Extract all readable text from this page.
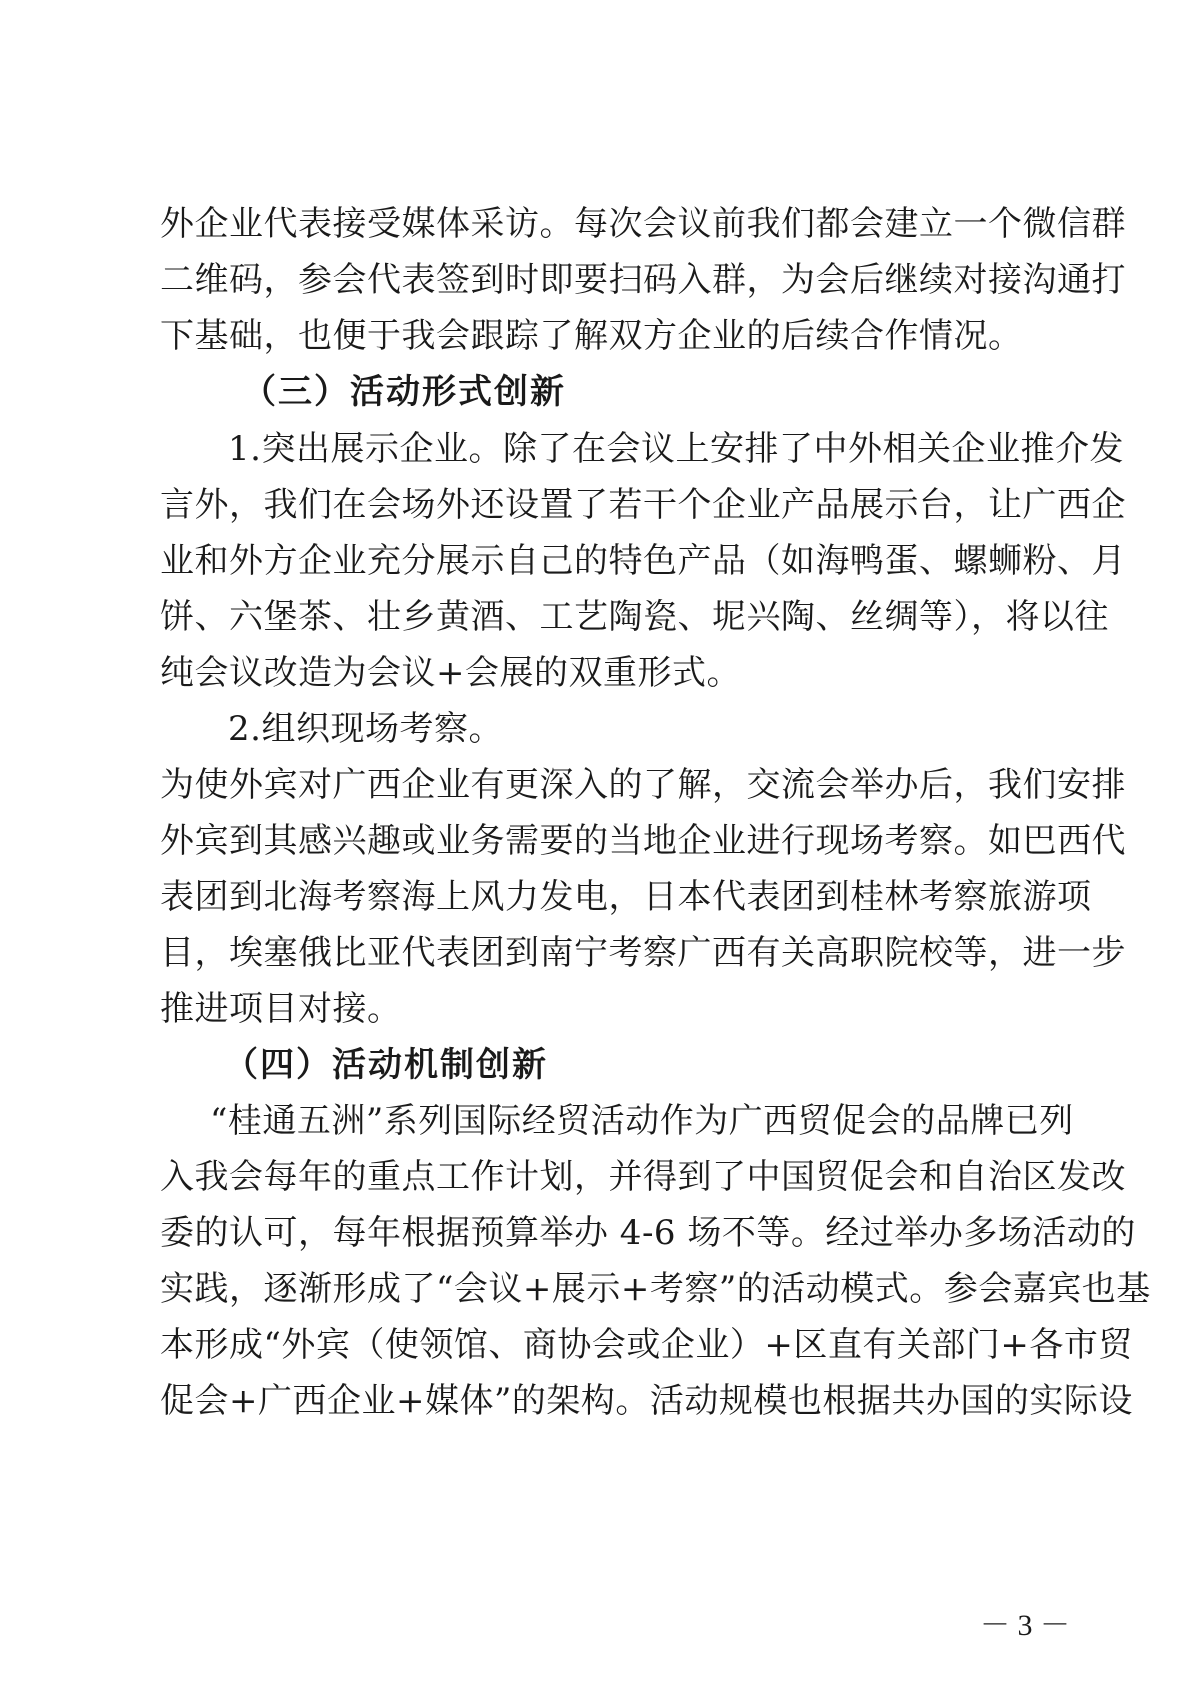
外企业代表接受媒体采访。每次会议前我们都会建立一个微信群
二维码，参会代表签到时即要扫码入群，为会后继续对接沟通打
下基础，也便于我会跟踪了解双方企业的后续合作情况。
（三）活动形式创新
1.突出展示企业。除了在会议上安排了中外相关企业推介发
言外，我们在会场外还设置了若干个企业产品展示台，让广西企
业和外方企业充分展示自己的特色产品（如海鸭蛋、螺蛳粉、月
饼、六堡茶、壮乡黄酒、工艺陶瓷、坭兴陶、丝绸等），将以往
纯会议改造为会议+会展的双重形式。
2.组织现场考察。
为使外宾对广西企业有更深入的了解，交流会举办后，我们安排
外宾到其感兴趣或业务需要的当地企业进行现场考察。如巴西代
表团到北海考察海上风力发电，日本代表团到桂林考察旅游项
目，埃塞俄比亚代表团到南宁考察广西有关高职院校等，进一步
推进项目对接。
（四）活动机制创新
“桂通五洲”系列国际经贸活动作为广西贸促会的品牌已列
入我会每年的重点工作计划，并得到了中国贸促会和自治区发改
委的认可，每年根据预算举办 4-6 场不等。经过举办多场活动的
实践，逐渐形成了“会议+展示+考察”的活动模式。参会嘉宾也基
本形成“外宾（使领馆、商协会或企业）+区直有关部门+各市贸
促会+广西企业+媒体”的架构。活动规模也根据共办国的实际设
－ 3 －
